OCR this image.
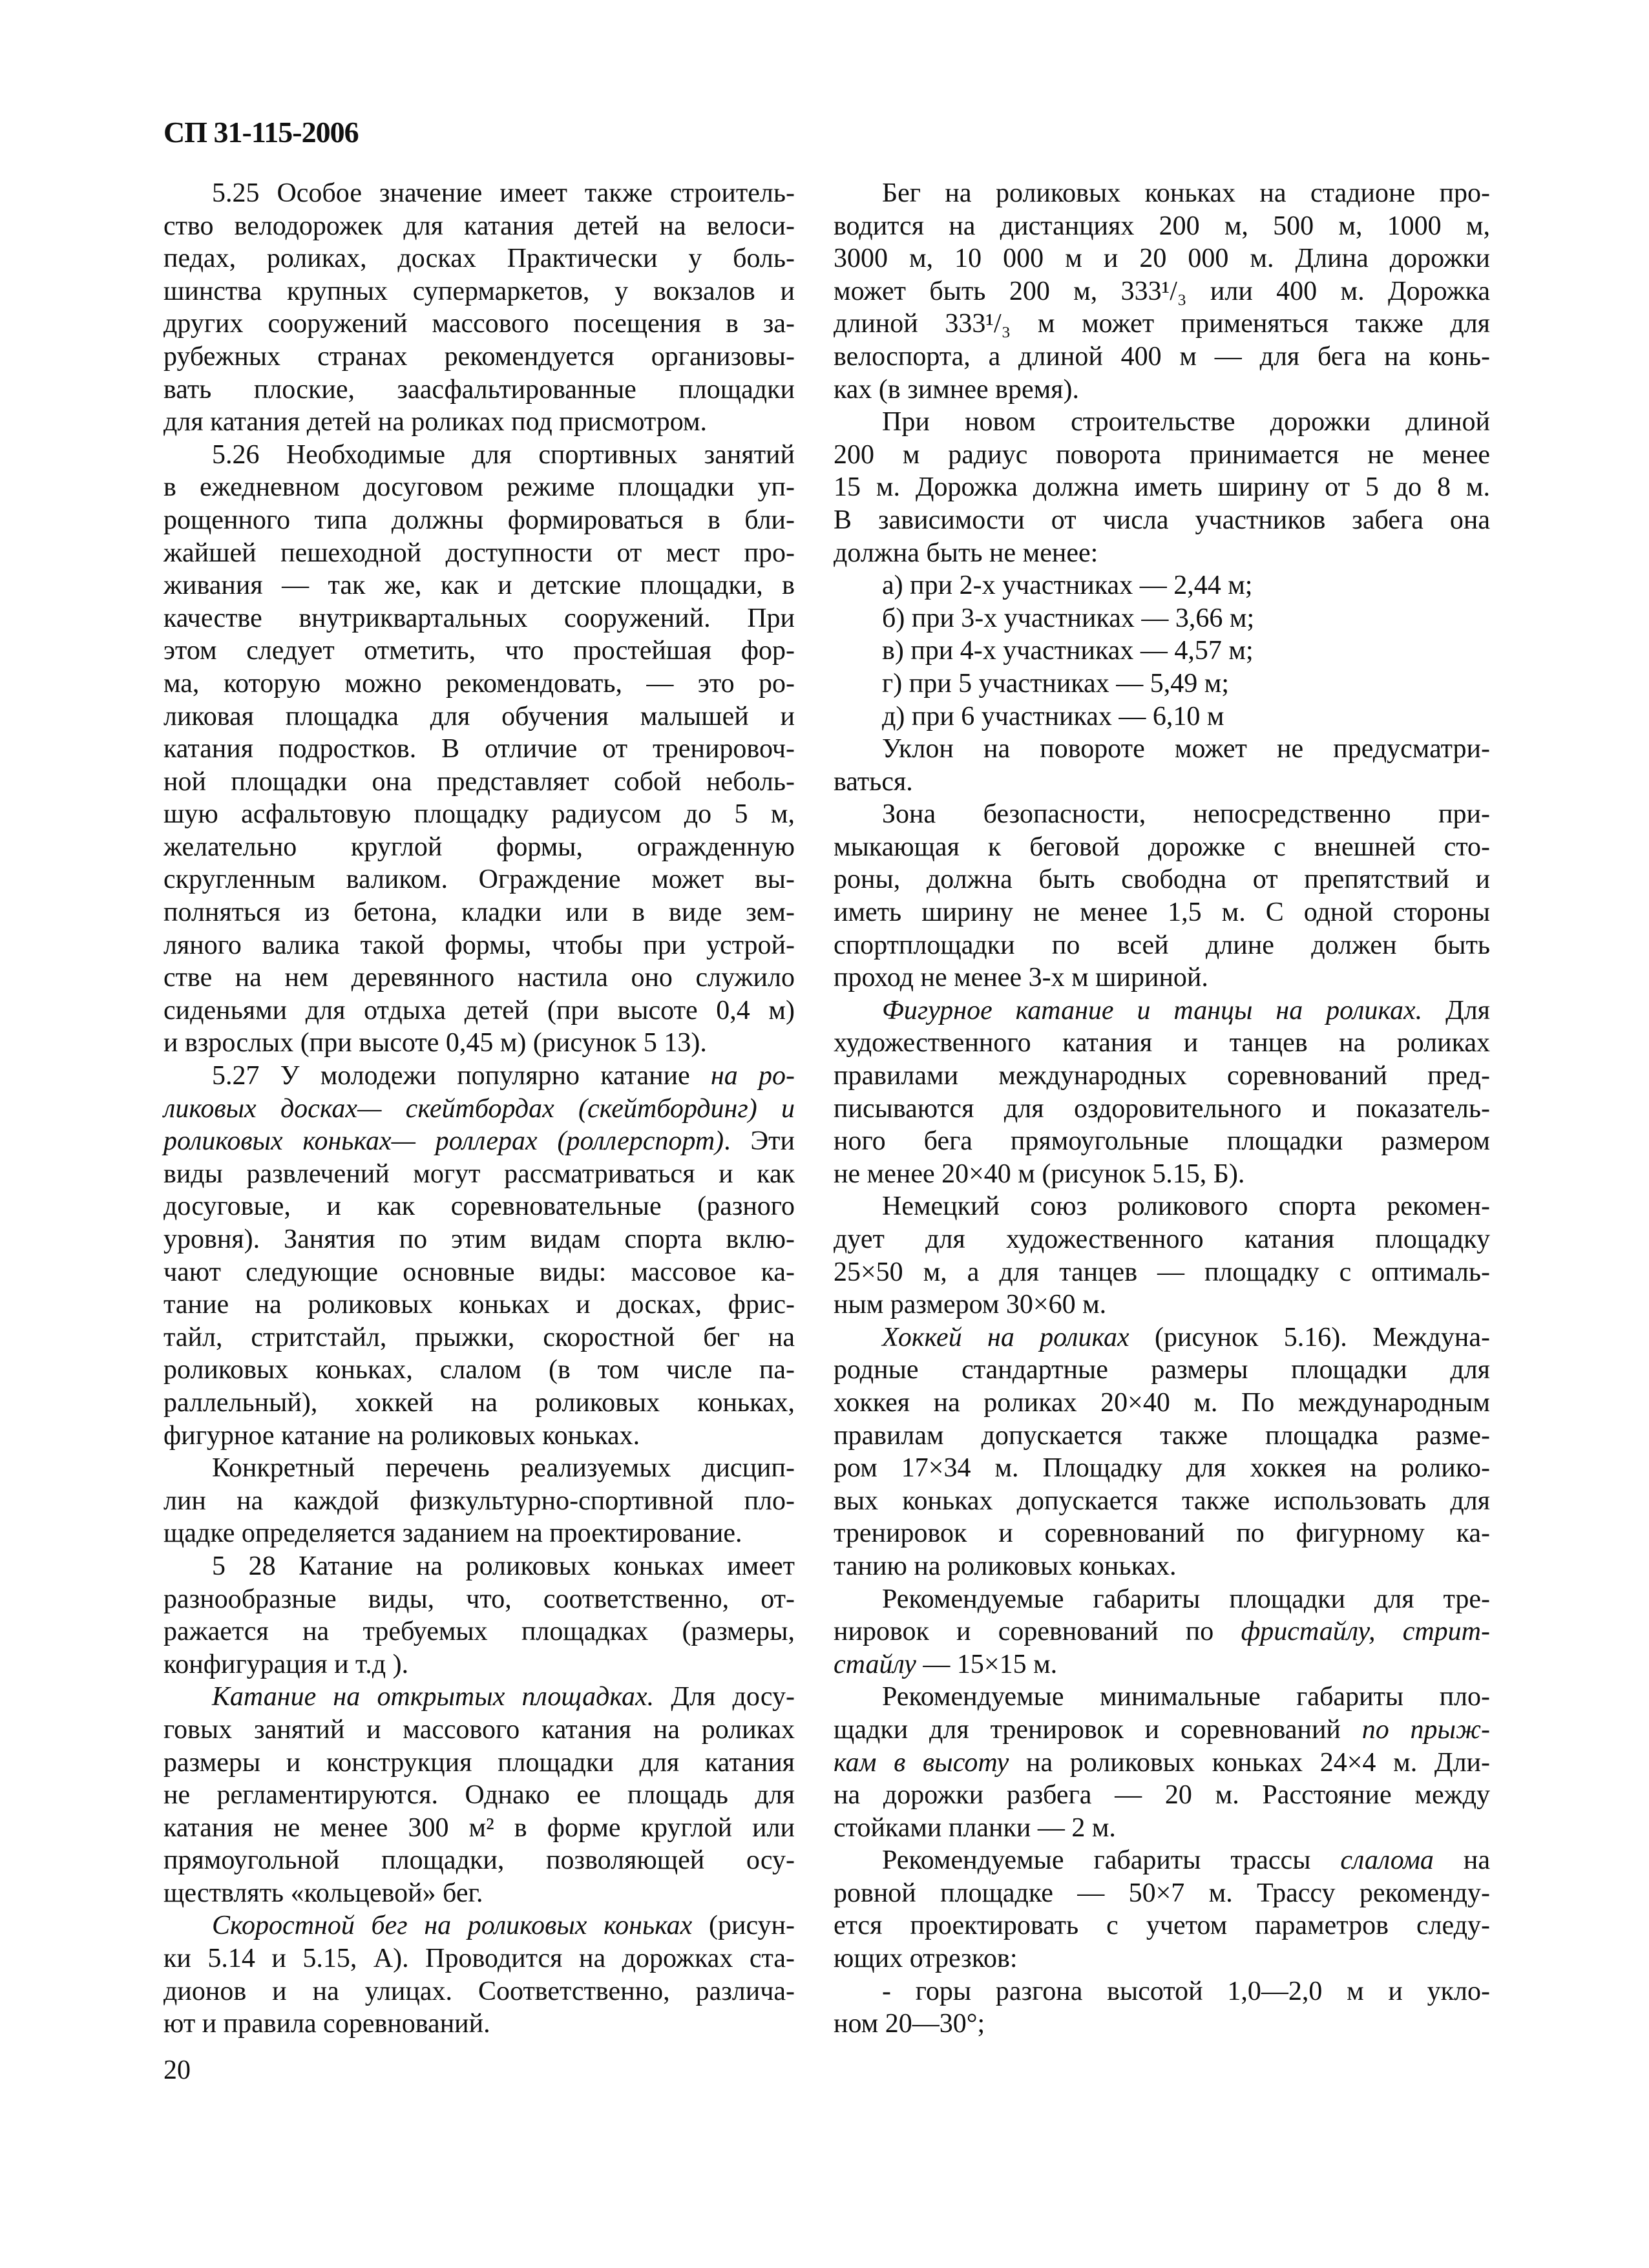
СП 31-115-2006
5.25 Особое значение имеет также строитель-
ство велодорожек для катания детей на велоси-
педах, роликах, досках Практически у боль-
шинства крупных супермаркетов, у вокзалов и
других сооружений массового посещения в за-
рубежных странах рекомендуется организовы-
вать плоские, заасфальтированные площадки
для катания детей на роликах под присмотром.
5.26 Необходимые для спортивных занятий
в ежедневном досуговом режиме площадки уп-
рощенного типа должны формироваться в бли-
жайшей пешеходной доступности от мест про-
живания — так же, как и детские площадки, в
качестве внутриквартальных сооружений. При
этом следует отметить, что простейшая фор-
ма, которую можно рекомендовать, — это ро-
ликовая площадка для обучения малышей и
катания подростков. В отличие от тренировоч-
ной площадки она представляет собой неболь-
шую асфальтовую площадку радиусом до 5 м,
желательно круглой формы, огражденную
скругленным валиком. Ограждение может вы-
полняться из бетона, кладки или в виде зем-
ляного валика такой формы, чтобы при устрой-
стве на нем деревянного настила оно служило
сиденьями для отдыха детей (при высоте 0,4 м)
и взрослых (при высоте 0,45 м) (рисунок 5 13).
5.27 У молодежи популярно катание на ро-
ликовых досках— скейтбордах (скейтбординг) и
роликовых коньках— роллерах (роллерспорт). Эти
виды развлечений могут рассматриваться и как
досуговые, и как соревновательные (разного
уровня). Занятия по этим видам спорта вклю-
чают следующие основные виды: массовое ка-
тание на роликовых коньках и досках, фрис-
тайл, стритстайл, прыжки, скоростной бег на
роликовых коньках, слалом (в том числе па-
раллельный), хоккей на роликовых коньках,
фигурное катание на роликовых коньках.
Конкретный перечень реализуемых дисцип-
лин на каждой физкультурно-спортивной пло-
щадке определяется заданием на проектирование.
5 28 Катание на роликовых коньках имеет
разнообразные виды, что, соответственно, от-
ражается на требуемых площадках (размеры,
конфигурация и т.д ).
Катание на открытых площадках. Для досу-
говых занятий и массового катания на роликах
размеры и конструкция площадки для катания
не регламентируются. Однако ее площадь для
катания не менее 300 м² в форме круглой или
прямоугольной площадки, позволяющей осу-
ществлять «кольцевой» бег.
Скоростной бег на роликовых коньках (рисун-
ки 5.14 и 5.15, А). Проводится на дорожках ста-
дионов и на улицах. Соответственно, различа-
ют и правила соревнований.
Бег на роликовых коньках на стадионе про-
водится на дистанциях 200 м, 500 м, 1000 м,
3000 м, 10 000 м и 20 000 м. Длина дорожки
может быть 200 м, 333¹/₃ или 400 м. Дорожка
длиной 333¹/₃ м может применяться также для
велоспорта, а длиной 400 м — для бега на конь-
ках (в зимнее время).
При новом строительстве дорожки длиной
200 м радиус поворота принимается не менее
15 м. Дорожка должна иметь ширину от 5 до 8 м.
В зависимости от числа участников забега она
должна быть не менее:
а) при 2-х участниках — 2,44 м;
б) при 3-х участниках — 3,66 м;
в) при 4-х участниках — 4,57 м;
г) при 5 участниках — 5,49 м;
д) при 6 участниках — 6,10 м
Уклон на повороте может не предусматри-
ваться.
Зона безопасности, непосредственно при-
мыкающая к беговой дорожке с внешней сто-
роны, должна быть свободна от препятствий и
иметь ширину не менее 1,5 м. С одной стороны
спортплощадки по всей длине должен быть
проход не менее 3-х м шириной.
Фигурное катание и танцы на роликах. Для
художественного катания и танцев на роликах
правилами международных соревнований пред-
писываются для оздоровительного и показатель-
ного бега прямоугольные площадки размером
не менее 20×40 м (рисунок 5.15, Б).
Немецкий союз роликового спорта рекомен-
дует для художественного катания площадку
25×50 м, а для танцев — площадку с оптималь-
ным размером 30×60 м.
Хоккей на роликах (рисунок 5.16). Междуна-
родные стандартные размеры площадки для
хоккея на роликах 20×40 м. По международным
правилам допускается также площадка разме-
ром 17×34 м. Площадку для хоккея на ролико-
вых коньках допускается также использовать для
тренировок и соревнований по фигурному ка-
танию на роликовых коньках.
Рекомендуемые габариты площадки для тре-
нировок и соревнований по фристайлу, стрит-
стайлу — 15×15 м.
Рекомендуемые минимальные габариты пло-
щадки для тренировок и соревнований по прыж-
кам в высоту на роликовых коньках 24×4 м. Дли-
на дорожки разбега — 20 м. Расстояние между
стойками планки — 2 м.
Рекомендуемые габариты трассы слалома на
ровной площадке — 50×7 м. Трассу рекоменду-
ется проектировать с учетом параметров следу-
ющих отрезков:
- горы разгона высотой 1,0—2,0 м и укло-
ном 20—30°;
20
